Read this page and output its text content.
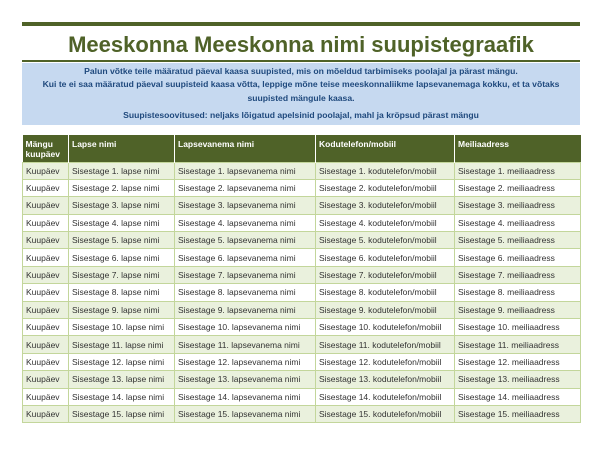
Meeskonna Meeskonna nimi suupistegraafik
Palun võtke teile määratud päeval kaasa suupisted, mis on mõeldud tarbimiseks poolajal ja pärast mängu.
Kui te ei saa määratud päeval suupisteid kaasa võtta, leppige mõne teise meeskonnaliikme lapsevanemaga kokku, et ta võtaks suupisted mängule kaasa.
Suupistesoovitused: neljaks lõigatud apelsinid poolajal, mahl ja kröpsud pärast mängu
Mängu kuupäev	Lapse nimi	Lapsevanema nimi	Kodutelefon/mobiil	Meiliaadress
Kuupäev	Sisestage 1. lapse nimi	Sisestage 1. lapsevanema nimi	Sisestage 1. kodutelefon/mobiil	Sisestage 1. meiliaadress
Kuupäev	Sisestage 2. lapse nimi	Sisestage 2. lapsevanema nimi	Sisestage 2. kodutelefon/mobiil	Sisestage 2. meiliaadress
Kuupäev	Sisestage 3. lapse nimi	Sisestage 3. lapsevanema nimi	Sisestage 3. kodutelefon/mobiil	Sisestage 3. meiliaadress
Kuupäev	Sisestage 4. lapse nimi	Sisestage 4. lapsevanema nimi	Sisestage 4. kodutelefon/mobiil	Sisestage 4. meiliaadress
Kuupäev	Sisestage 5. lapse nimi	Sisestage 5. lapsevanema nimi	Sisestage 5. kodutelefon/mobiil	Sisestage 5. meiliaadress
Kuupäev	Sisestage 6. lapse nimi	Sisestage 6. lapsevanema nimi	Sisestage 6. kodutelefon/mobiil	Sisestage 6. meiliaadress
Kuupäev	Sisestage 7. lapse nimi	Sisestage 7. lapsevanema nimi	Sisestage 7. kodutelefon/mobiil	Sisestage 7. meiliaadress
Kuupäev	Sisestage 8. lapse nimi	Sisestage 8. lapsevanema nimi	Sisestage 8. kodutelefon/mobiil	Sisestage 8. meiliaadress
Kuupäev	Sisestage 9. lapse nimi	Sisestage 9. lapsevanema nimi	Sisestage 9. kodutelefon/mobiil	Sisestage 9. meiliaadress
Kuupäev	Sisestage 10. lapse nimi	Sisestage 10. lapsevanema nimi	Sisestage 10. kodutelefon/mobiil	Sisestage 10. meiliaadress
Kuupäev	Sisestage 11. lapse nimi	Sisestage 11. lapsevanema nimi	Sisestage 11. kodutelefon/mobiil	Sisestage 11. meiliaadress
Kuupäev	Sisestage 12. lapse nimi	Sisestage 12. lapsevanema nimi	Sisestage 12. kodutelefon/mobiil	Sisestage 12. meiliaadress
Kuupäev	Sisestage 13. lapse nimi	Sisestage 13. lapsevanema nimi	Sisestage 13. kodutelefon/mobiil	Sisestage 13. meiliaadress
Kuupäev	Sisestage 14. lapse nimi	Sisestage 14. lapsevanema nimi	Sisestage 14. kodutelefon/mobiil	Sisestage 14. meiliaadress
Kuupäev	Sisestage 15. lapse nimi	Sisestage 15. lapsevanema nimi	Sisestage 15. kodutelefon/mobiil	Sisestage 15. meiliaadress
